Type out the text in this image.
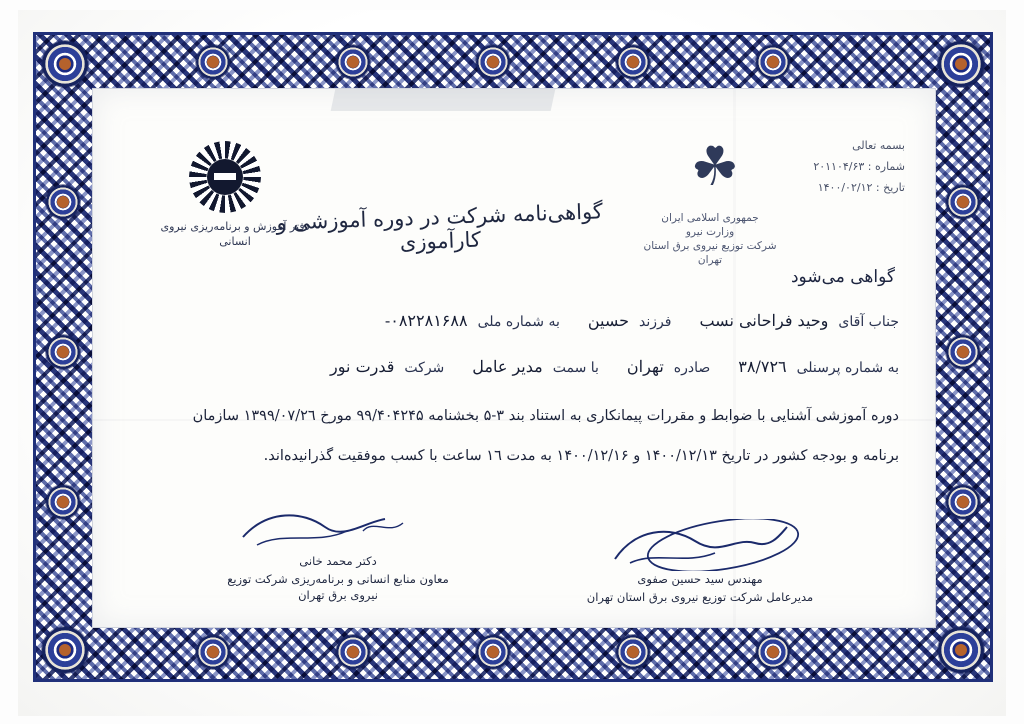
بسمه تعالی
شماره : ٢٠١١٠۴/۶٣
تاریخ : ١۴٠٠/٠٢/١٢
☘
جمهوری اسلامی ایران
وزارت نیرو
شرکت توزیع نیروی برق استان تهران
گواهی‌نامه شرکت در دوره آموزشی و کارآموزی
دفتر آموزش و برنامه‌ریزی نیروی انسانی
گواهی می‌شود
جناب آقای
وحید فراحانی نسب
فرزند
حسین
به شماره ملی
٠٨٢٢٨١۶٨٨-
به شماره پرسنلی
٣٨/٧٢٦
صادره
تهران
با سمت
مدیر عامل
شرکت
قدرت نور
دوره آموزشی آشنایی با ضوابط و مقررات پیمانکاری به استناد بند ٣-۵ بخشنامه ٩٩/۴٠۴٢۴۵ مورخ ١٣٩٩/٠٧/٢٦ سازمان
برنامه و بودجه کشور در تاریخ ١۴٠٠/١٢/١٣ و ١۴٠٠/١٢/١۶ به مدت ١٦ ساعت با کسب موفقیت گذرانیده‌اند.
مهندس سید حسین صفوی
مدیرعامل شرکت توزیع نیروی برق استان تهران
دکتر محمد خانی
معاون منابع انسانی و برنامه‌ریزی شرکت توزیع نیروی برق تهران
